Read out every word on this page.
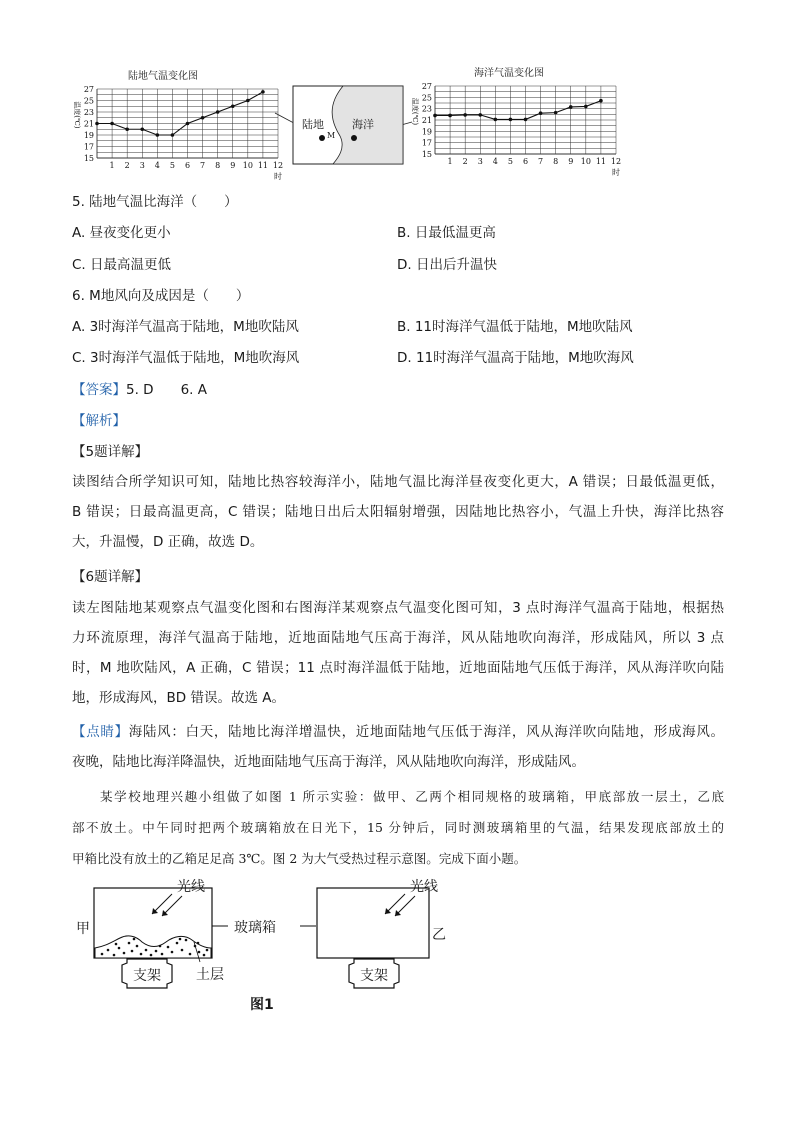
陆地气温变化图
27
25
23
21
19
17
15
1 2 3 4 5 6 7 8 9 10 11 12
时
温度(℃)	陆地	海洋
M
海洋气温变化图
27
25
23
21
19
17
15
1 2 3 4 5 6 7 8 9 10 11 12
时
温度(℃)
5. 陆地气温比海洋（　　）
A. 昼夜变化更小	B. 日最低温更高
C. 日最高温更低	D. 日出后升温快
6. M地风向及成因是（　　）
A. 3时海洋气温高于陆地，M地吹陆风	B. 11时海洋气温低于陆地，M地吹陆风
C. 3时海洋气温低于陆地，M地吹海风	D. 11时海洋气温高于陆地，M地吹海风
【答案】5. D　　6. A
【解析】
【5题详解】
读图结合所学知识可知，陆地比热容较海洋小，陆地气温比海洋昼夜变化更大，A 错误；日最低温更低，
B 错误；日最高温更高，C 错误；陆地日出后太阳辐射增强，因陆地比热容小，气温上升快，海洋比热容
大，升温慢，D 正确，故选 D。
【6题详解】
读左图陆地某观察点气温变化图和右图海洋某观察点气温变化图可知，3 点时海洋气温高于陆地，根据热
力环流原理，海洋气温高于陆地，近地面陆地气压高于海洋，风从陆地吹向海洋，形成陆风，所以 3 点
时，M 地吹陆风，A 正确，C 错误；11 点时海洋温低于陆地，近地面陆地气压低于海洋，风从海洋吹向陆
地，形成海风，BD 错误。故选 A。
【点睛】海陆风：白天，陆地比海洋增温快，近地面陆地气压低于海洋，风从海洋吹向陆地，形成海风。
夜晚，陆地比海洋降温快，近地面陆地气压高于海洋，风从陆地吹向海洋，形成陆风。
某学校地理兴趣小组做了如图 1 所示实验：做甲、乙两个相同规格的玻璃箱，甲底部放一层土，乙底
部不放土。中午同时把两个玻璃箱放在日光下，15 分钟后，同时测玻璃箱里的气温，结果发现底部放土的
甲箱比没有放土的乙箱足足高 3℃。图 2 为大气受热过程示意图。完成下面小题。
甲
光线
玻璃箱
土层
支架
光线
乙
支架
图1
